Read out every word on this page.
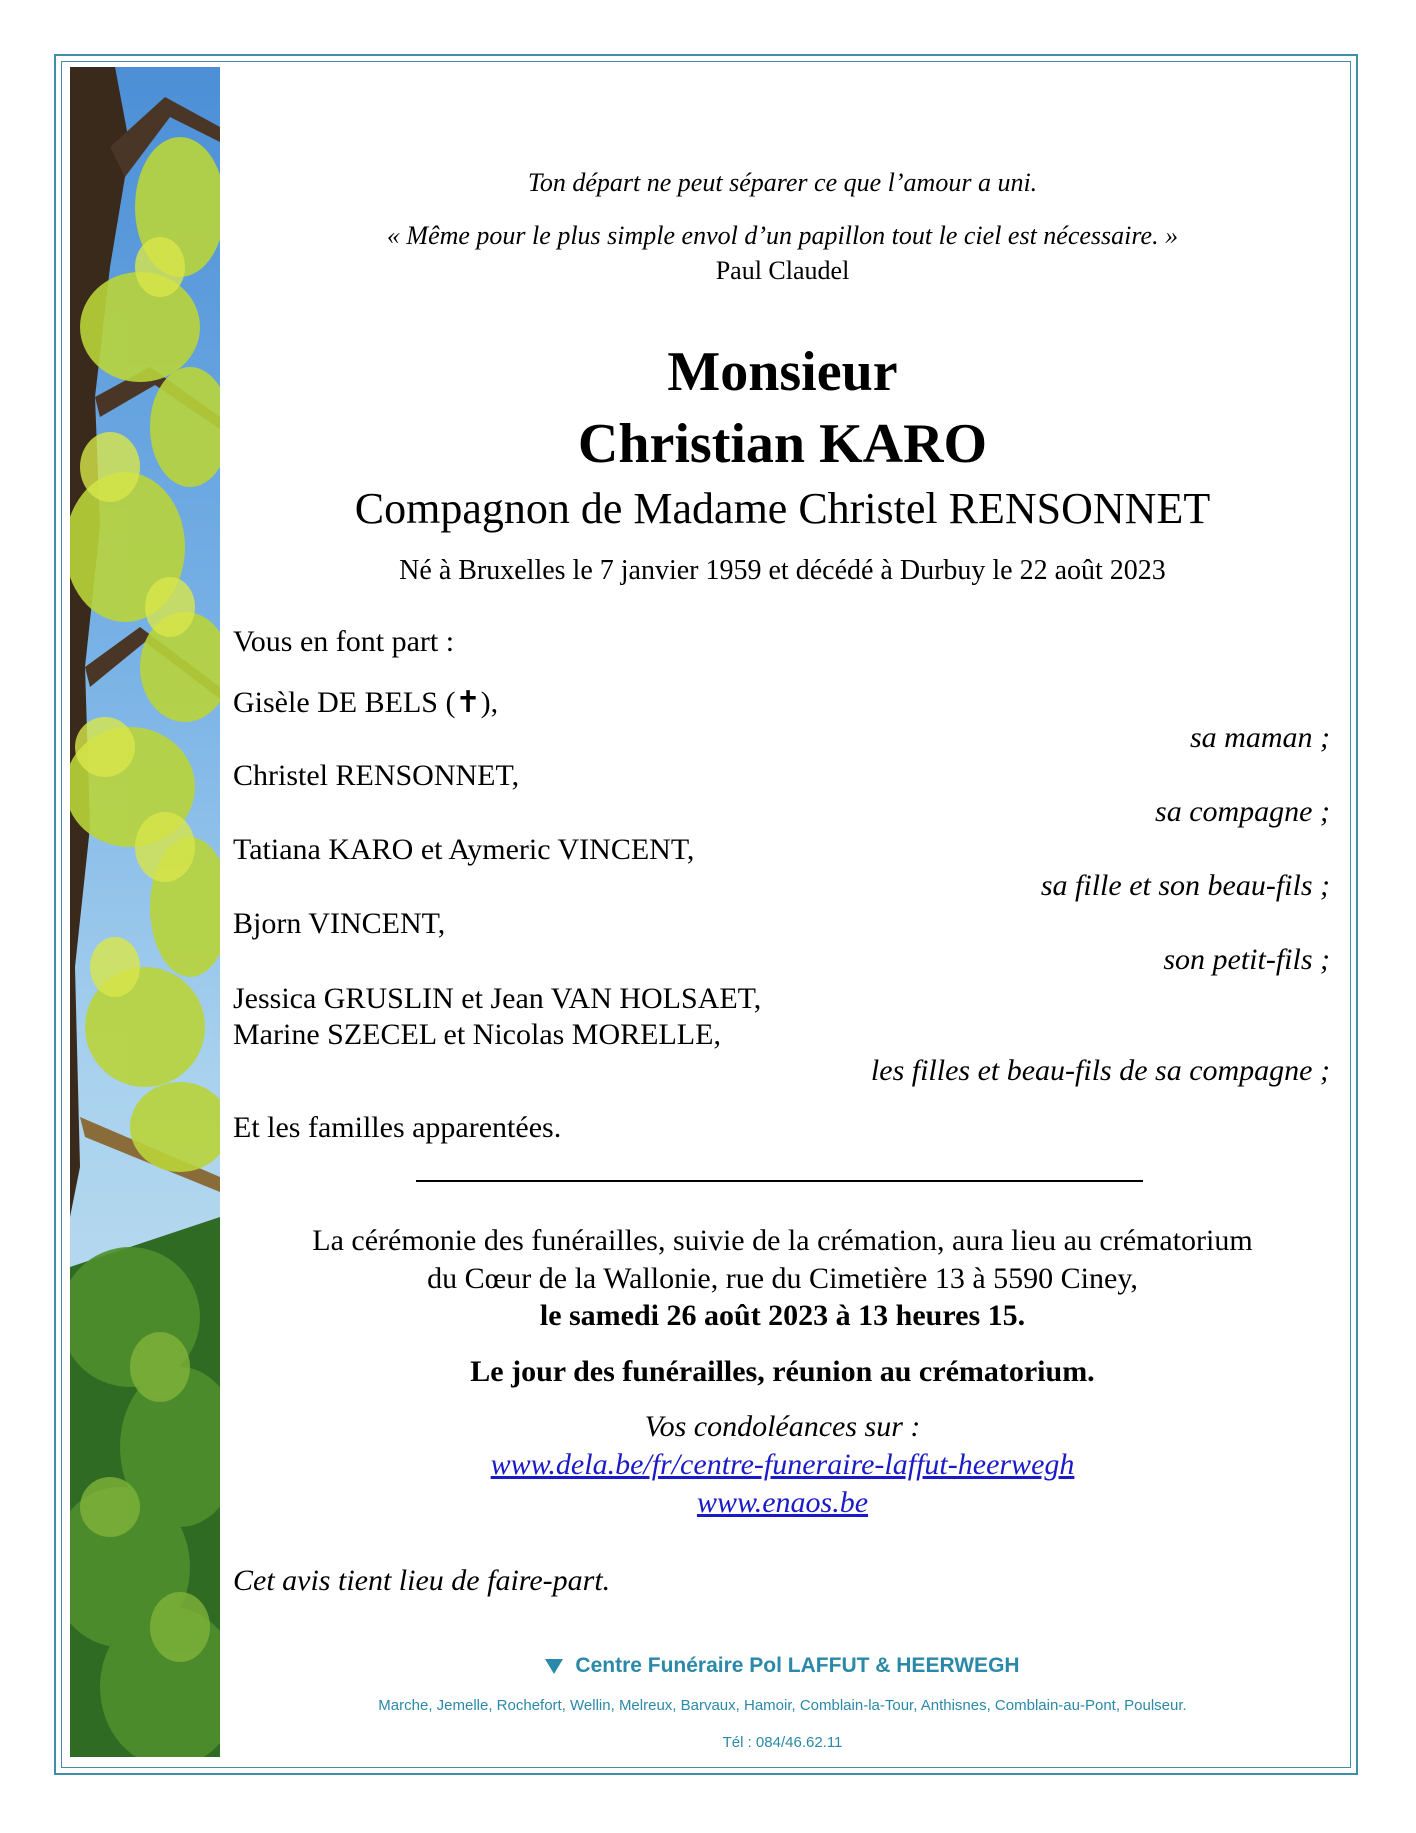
Ton départ ne peut séparer ce que l’amour a uni.
« Même pour le plus simple envol d’un papillon tout le ciel est nécessaire. »
Paul Claudel
Monsieur
Christian KARO
Compagnon de Madame Christel RENSONNET
Né à Bruxelles le 7 janvier 1959 et décédé à Durbuy le 22 août 2023
Vous en font part :
Gisèle DE BELS (✝),
sa maman ;
Christel RENSONNET,
sa compagne ;
Tatiana KARO et Aymeric VINCENT,
sa fille et son beau-fils ;
Bjorn VINCENT,
son petit-fils ;
Jessica GRUSLIN et Jean VAN HOLSAET,
Marine SZECEL et Nicolas MORELLE,
les filles et beau-fils de sa compagne ;
Et les familles apparentées.
La cérémonie des funérailles, suivie de la crémation, aura lieu au crématorium
du Cœur de la Wallonie, rue du Cimetière 13 à 5590 Ciney,
le samedi 26 août 2023 à 13 heures 15.
Le jour des funérailles, réunion au crématorium.
Vos condoléances sur :
www.dela.be/fr/centre-funeraire-laffut-heerwegh
www.enaos.be
Cet avis tient lieu de faire-part.
Centre Funéraire Pol LAFFUT & HEERWEGH
Marche, Jemelle, Rochefort, Wellin, Melreux, Barvaux, Hamoir, Comblain-la-Tour, Anthisnes, Comblain-au-Pont, Poulseur.
Tél : 084/46.62.11
